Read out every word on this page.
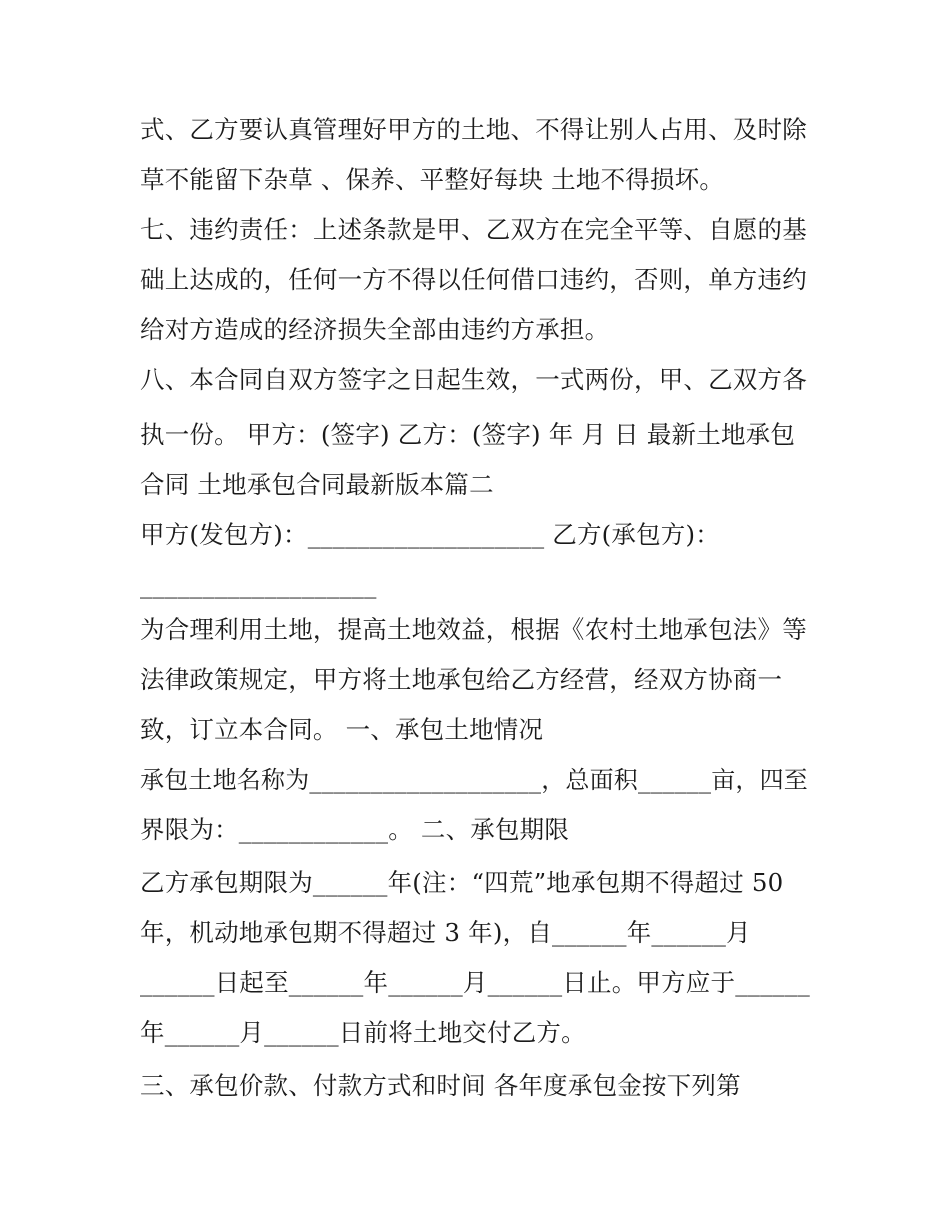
式、乙方要认真管理好甲方的土地、不得让别人占用、及时除
草不能留下杂草 、保养、平整好每块 土地不得损坏。
七、违约责任：上述条款是甲、乙双方在完全平等、自愿的基
础上达成的，任何一方不得以任何借口违约，否则，单方违约
给对方造成的经济损失全部由违约方承担。
八、本合同自双方签字之日起生效，一式两份，甲、乙双方各
执一份。 甲方：(签字) 乙方：(签字) 年 月 日 最新土地承包
合同 土地承包合同最新版本篇二
甲方(发包方)：___________________ 乙方(承包方)：
___________________
为合理利用土地，提高土地效益，根据《农村土地承包法》等
法律政策规定，甲方将土地承包给乙方经营，经双方协商一
致，订立本合同。 一、承包土地情况
承包土地名称为___________________，总面积______亩，四至
界限为：____________。 二、承包期限
乙方承包期限为______年(注：“四荒”地承包期不得超过 50
年，机动地承包期不得超过 3 年)，自______年______月
______日起至______年______月______日止。甲方应于______
年______月______日前将土地交付乙方。
三、承包价款、付款方式和时间 各年度承包金按下列第
